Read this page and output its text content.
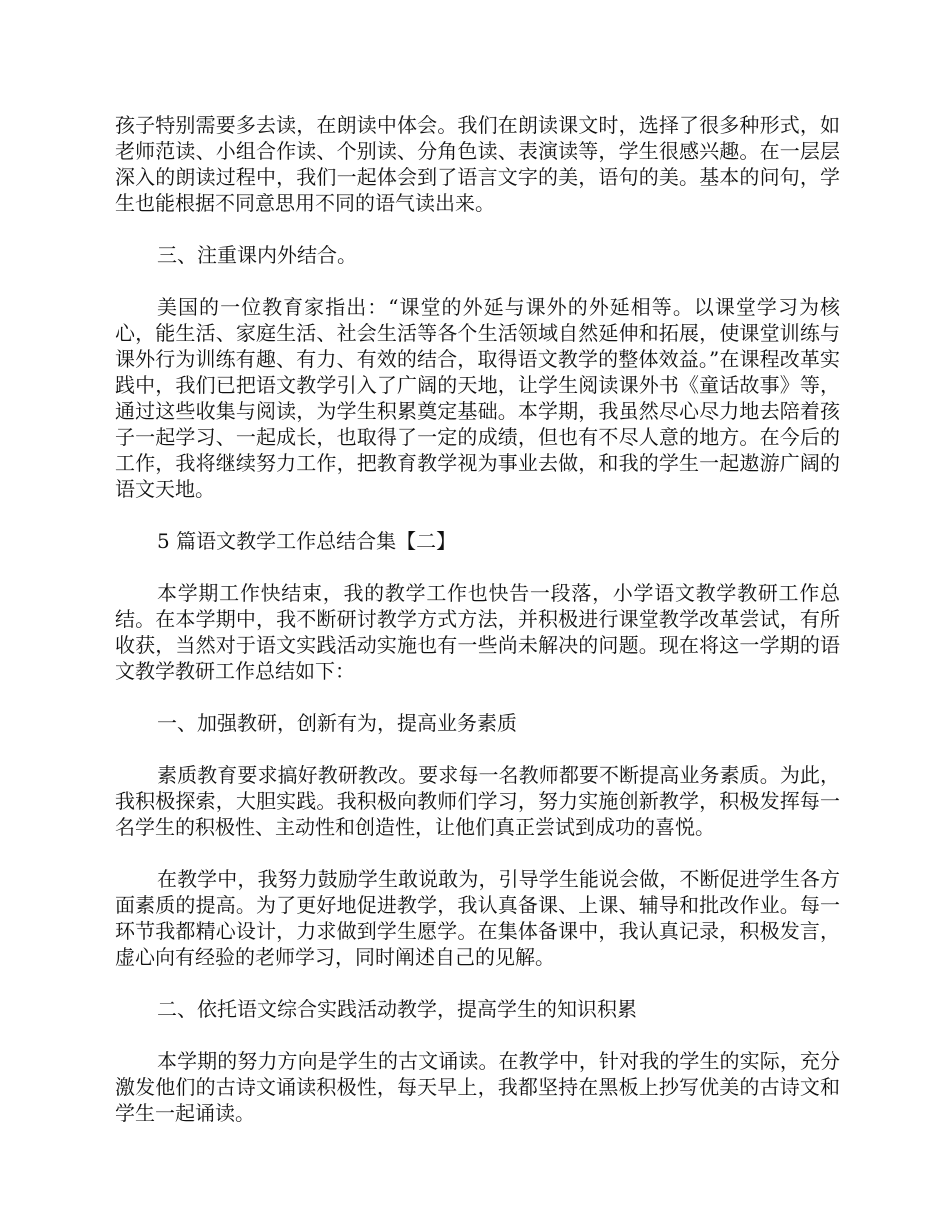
孩子特别需要多去读，在朗读中体会。我们在朗读课文时，选择了很多种形式，如老师范读、小组合作读、个别读、分角色读、表演读等，学生很感兴趣。在一层层深入的朗读过程中，我们一起体会到了语言文字的美，语句的美。基本的问句，学生也能根据不同意思用不同的语气读出来。

三、注重课内外结合。

美国的一位教育家指出：“课堂的外延与课外的外延相等。以课堂学习为核心，能生活、家庭生活、社会生活等各个生活领域自然延伸和拓展，使课堂训练与课外行为训练有趣、有力、有效的结合，取得语文教学的整体效益。”在课程改革实践中，我们已把语文教学引入了广阔的天地，让学生阅读课外书《童话故事》等，通过这些收集与阅读，为学生积累奠定基础。本学期，我虽然尽心尽力地去陪着孩子一起学习、一起成长，也取得了一定的成绩，但也有不尽人意的地方。在今后的工作，我将继续努力工作，把教育教学视为事业去做，和我的学生一起遨游广阔的语文天地。

5 篇语文教学工作总结合集【二】

本学期工作快结束，我的教学工作也快告一段落，小学语文教学教研工作总结。在本学期中，我不断研讨教学方式方法，并积极进行课堂教学改革尝试，有所收获，当然对于语文实践活动实施也有一些尚未解决的问题。现在将这一学期的语文教学教研工作总结如下：

一、加强教研，创新有为，提高业务素质

素质教育要求搞好教研教改。要求每一名教师都要不断提高业务素质。为此，我积极探索，大胆实践。我积极向教师们学习，努力实施创新教学，积极发挥每一名学生的积极性、主动性和创造性，让他们真正尝试到成功的喜悦。

在教学中，我努力鼓励学生敢说敢为，引导学生能说会做，不断促进学生各方面素质的提高。为了更好地促进教学，我认真备课、上课、辅导和批改作业。每一环节我都精心设计，力求做到学生愿学。在集体备课中，我认真记录，积极发言，虚心向有经验的老师学习，同时阐述自己的见解。

二、依托语文综合实践活动教学，提高学生的知识积累

本学期的努力方向是学生的古文诵读。在教学中，针对我的学生的实际，充分激发他们的古诗文诵读积极性，每天早上，我都坚持在黑板上抄写优美的古诗文和学生一起诵读。
